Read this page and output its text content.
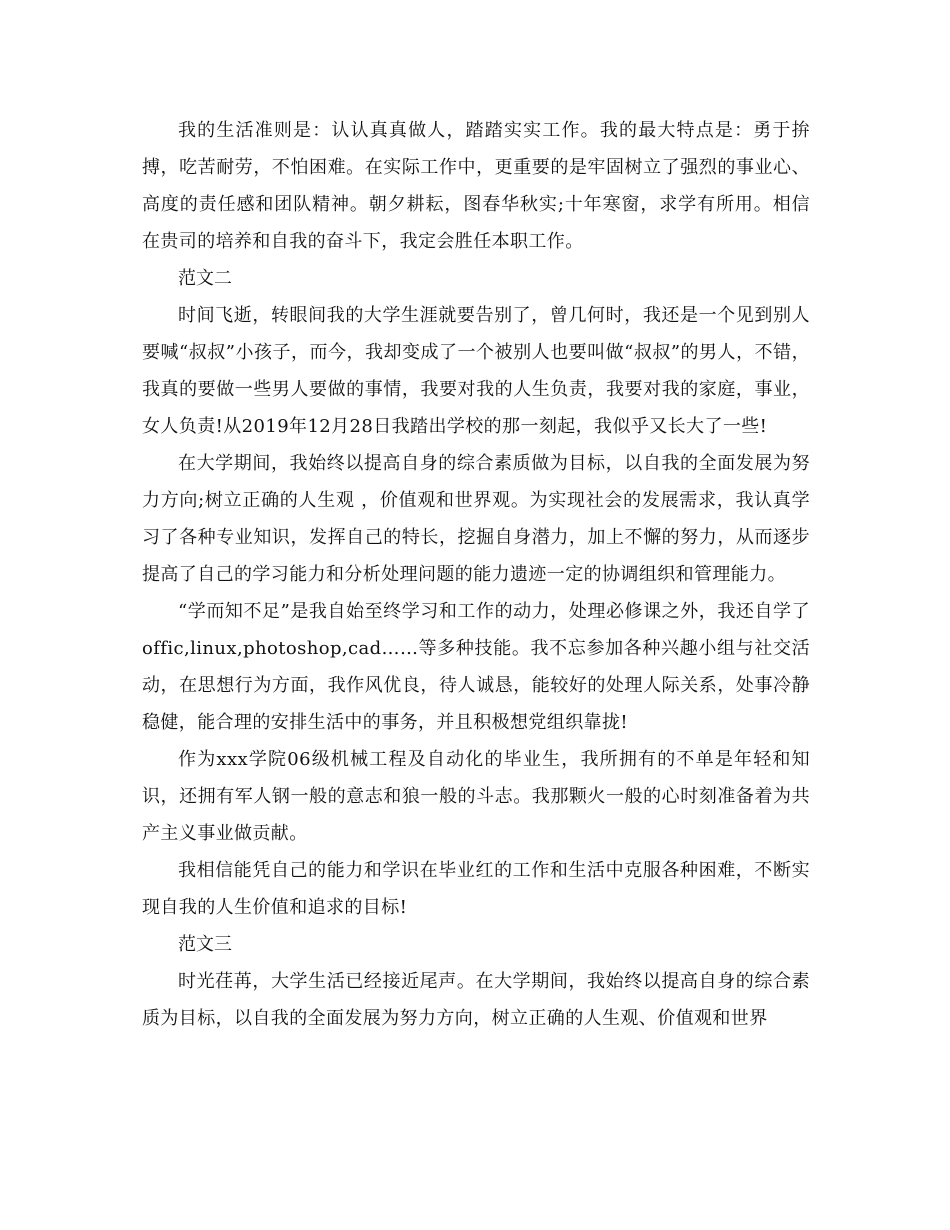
我的生活准则是：认认真真做人，踏踏实实工作。我的最大特点是：勇于拚搏，吃苦耐劳，不怕困难。在实际工作中，更重要的是牢固树立了强烈的事业心、高度的责任感和团队精神。朝夕耕耘，图春华秋实;十年寒窗，求学有所用。相信在贵司的培养和自我的奋斗下，我定会胜任本职工作。

范文二

时间飞逝，转眼间我的大学生涯就要告别了，曾几何时，我还是一个见到别人要喊“叔叔”小孩子，而今，我却变成了一个被别人也要叫做“叔叔”的男人，不错，我真的要做一些男人要做的事情，我要对我的人生负责，我要对我的家庭，事业，女人负责!从2019年12月28日我踏出学校的那一刻起，我似乎又长大了一些!

在大学期间，我始终以提高自身的综合素质做为目标，以自我的全面发展为努力方向;树立正确的人生观 ，价值观和世界观。为实现社会的发展需求，我认真学习了各种专业知识，发挥自己的特长，挖掘自身潜力，加上不懈的努力，从而逐步提高了自己的学习能力和分析处理问题的能力遗迹一定的协调组织和管理能力。

“学而知不足”是我自始至终学习和工作的动力，处理必修课之外，我还自学了offic,linux,photoshop,cad……等多种技能。我不忘参加各种兴趣小组与社交活动，在思想行为方面，我作风优良，待人诚恳，能较好的处理人际关系，处事冷静稳健，能合理的安排生活中的事务，并且积极想党组织靠拢!

作为xxx学院06级机械工程及自动化的毕业生，我所拥有的不单是年轻和知识，还拥有军人钢一般的意志和狼一般的斗志。我那颗火一般的心时刻准备着为共产主义事业做贡献。

我相信能凭自己的能力和学识在毕业红的工作和生活中克服各种困难，不断实现自我的人生价值和追求的目标!

范文三

时光荏苒，大学生活已经接近尾声。在大学期间，我始终以提高自身的综合素质为目标，以自我的全面发展为努力方向，树立正确的人生观、价值观和世界
